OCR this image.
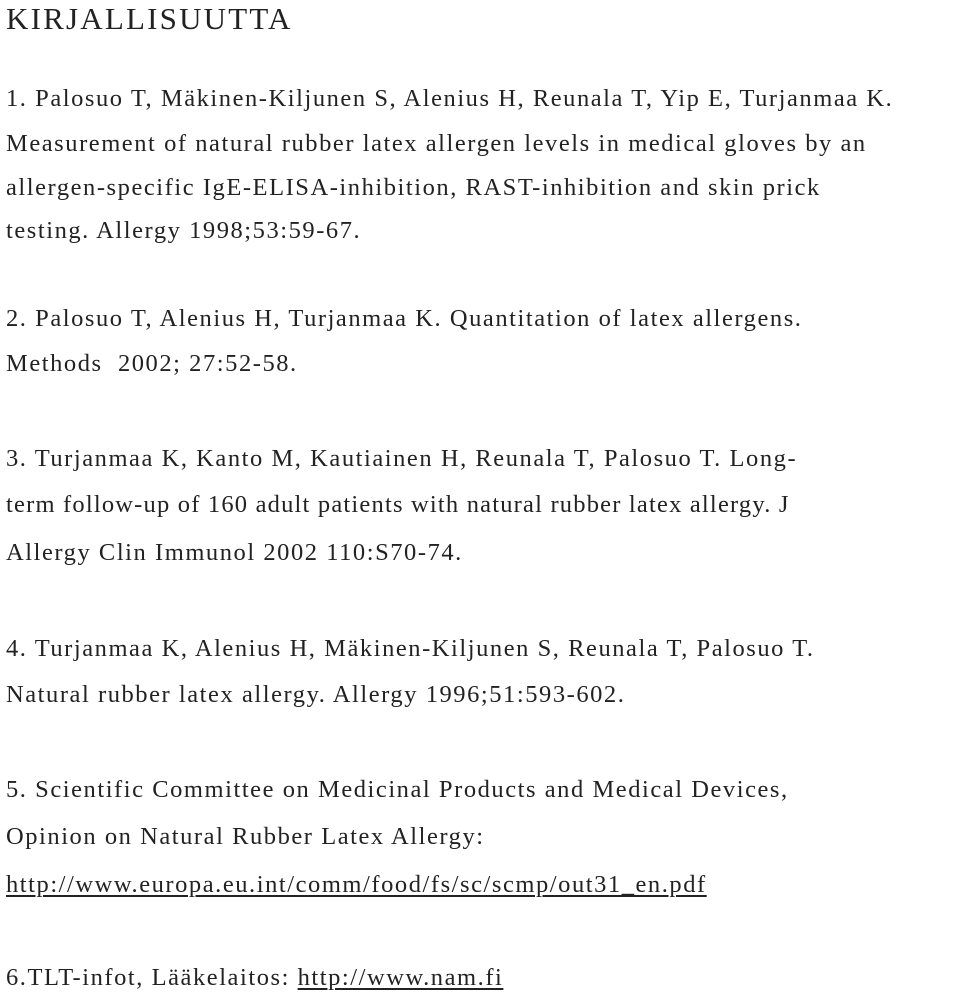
KIRJALLISUUTTA
1. Palosuo T, Mäkinen-Kiljunen S, Alenius H, Reunala T, Yip E, Turjanmaa K.
Measurement of natural rubber latex allergen levels in medical gloves by an
allergen-specific IgE-ELISA-inhibition, RAST-inhibition and skin prick
testing. Allergy 1998;53:59-67.
2. Palosuo T, Alenius H, Turjanmaa K. Quantitation of latex allergens.
Methods  2002; 27:52-58.
3. Turjanmaa K, Kanto M, Kautiainen H, Reunala T, Palosuo T. Long-
term follow-up of 160 adult patients with natural rubber latex allergy. J
Allergy Clin Immunol 2002 110:S70-74.
4. Turjanmaa K, Alenius H, Mäkinen-Kiljunen S, Reunala T, Palosuo T.
Natural rubber latex allergy. Allergy 1996;51:593-602.
5. Scientific Committee on Medicinal Products and Medical Devices,
Opinion on Natural Rubber Latex Allergy:
http://www.europa.eu.int/comm/food/fs/sc/scmp/out31_en.pdf
6.TLT-infot, Lääkelaitos: http://www.nam.fi
